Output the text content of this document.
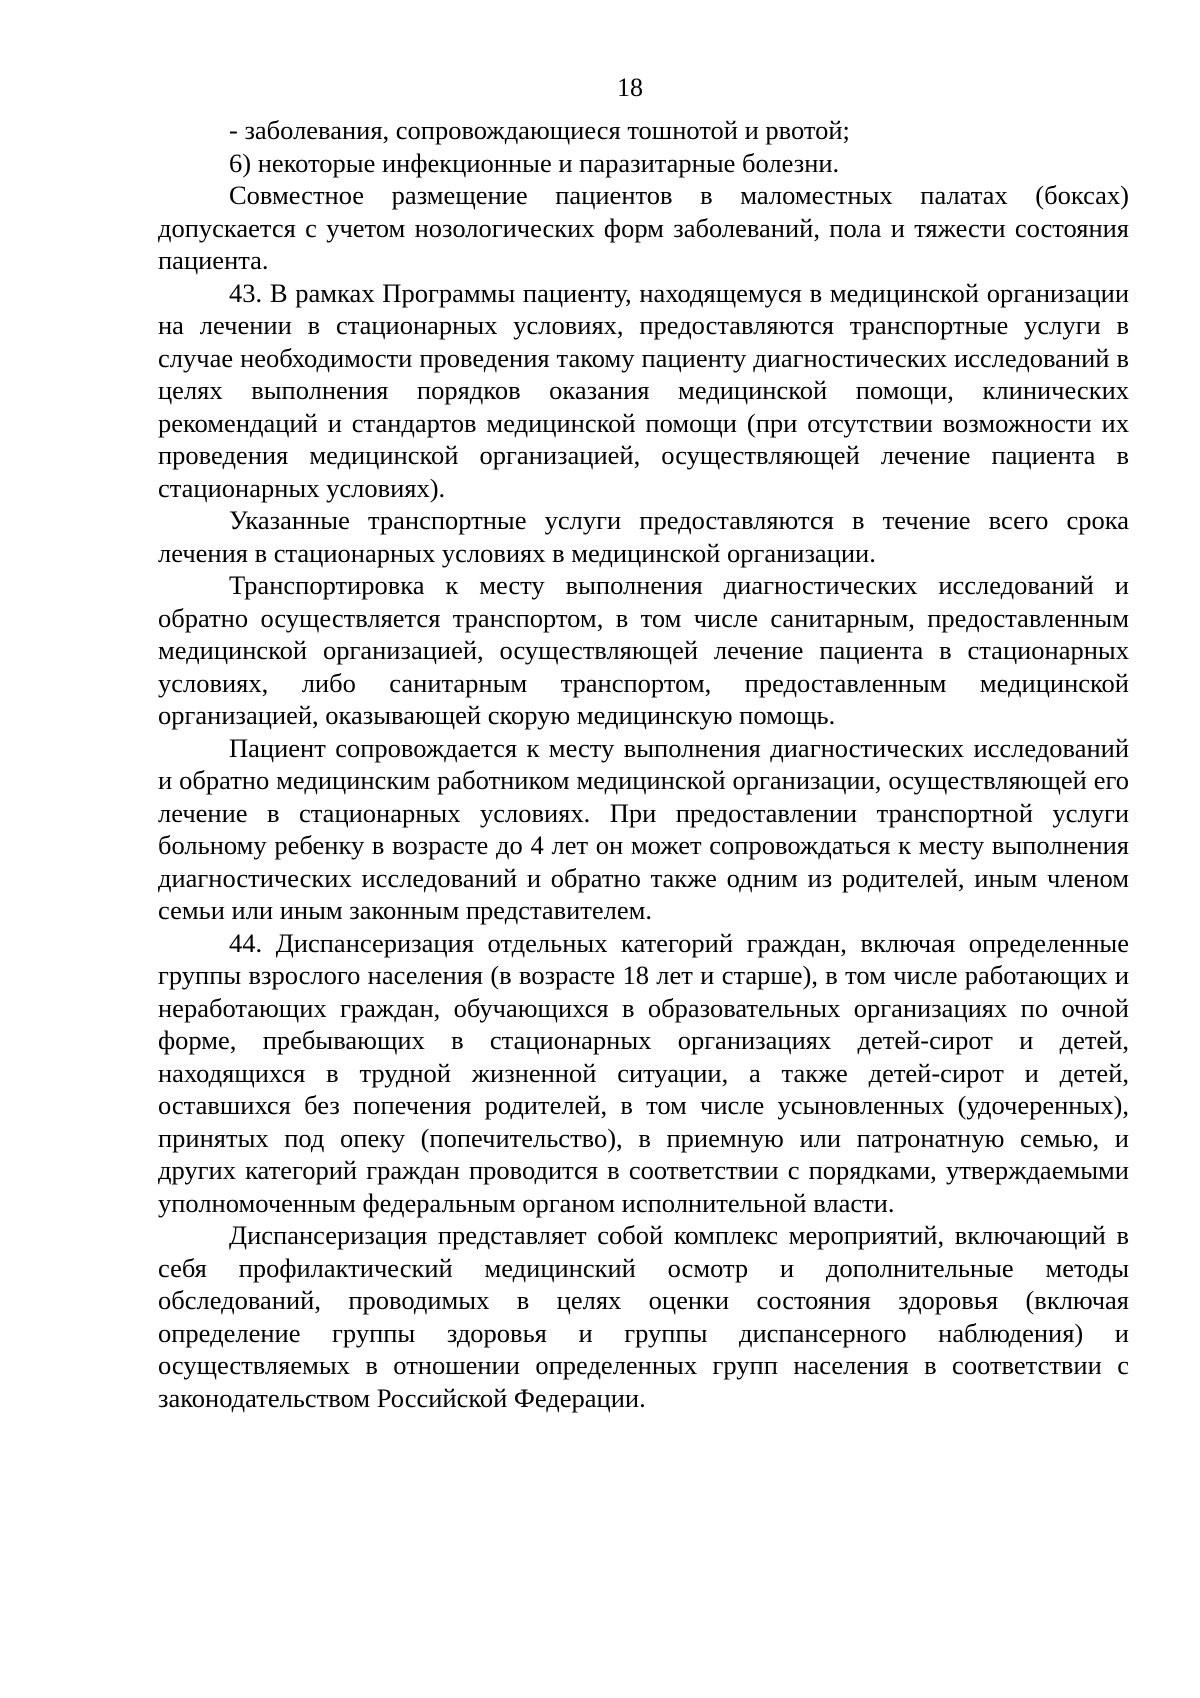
18

- заболевания, сопровождающиеся тошнотой и рвотой;

6) некоторые инфекционные и паразитарные болезни.

Совместное размещение пациентов в маломестных палатах (боксах) допускается с учетом нозологических форм заболеваний, пола и тяжести состояния пациента.

43. В рамках Программы пациенту, находящемуся в медицинской организации на лечении в стационарных условиях, предоставляются транспортные услуги в случае необходимости проведения такому пациенту диагностических исследований в целях выполнения порядков оказания медицинской помощи, клинических рекомендаций и стандартов медицинской помощи (при отсутствии возможности их проведения медицинской организацией, осуществляющей лечение пациента в стационарных условиях).

Указанные транспортные услуги предоставляются в течение всего срока лечения в стационарных условиях в медицинской организации.

Транспортировка к месту выполнения диагностических исследований и обратно осуществляется транспортом, в том числе санитарным, предоставленным медицинской организацией, осуществляющей лечение пациента в стационарных условиях, либо санитарным транспортом, предоставленным медицинской организацией, оказывающей скорую медицинскую помощь.

Пациент сопровождается к месту выполнения диагностических исследований и обратно медицинским работником медицинской организации, осуществляющей его лечение в стационарных условиях. При предоставлении транспортной услуги больному ребенку в возрасте до 4 лет он может сопровождаться к месту выполнения диагностических исследований и обратно также одним из родителей, иным членом семьи или иным законным представителем.

44. Диспансеризация отдельных категорий граждан, включая определенные группы взрослого населения (в возрасте 18 лет и старше), в том числе работающих и неработающих граждан, обучающихся в образовательных организациях по очной форме, пребывающих в стационарных организациях детей-сирот и детей, находящихся в трудной жизненной ситуации, а также детей-сирот и детей, оставшихся без попечения родителей, в том числе усыновленных (удочеренных), принятых под опеку (попечительство), в приемную или патронатную семью, и других категорий граждан проводится в соответствии с порядками, утверждаемыми уполномоченным федеральным органом исполнительной власти.

Диспансеризация представляет собой комплекс мероприятий, включающий в себя профилактический медицинский осмотр и дополнительные методы обследований, проводимых в целях оценки состояния здоровья (включая определение группы здоровья и группы диспансерного наблюдения) и осуществляемых в отношении определенных групп населения в соответствии с законодательством Российской Федерации.
